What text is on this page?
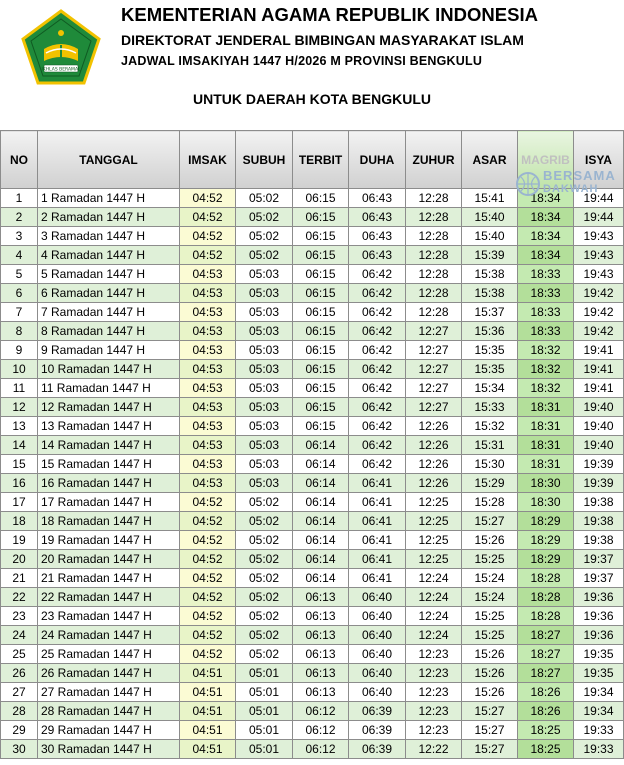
IKHLAS BERAMAL
KEMENTERIAN AGAMA REPUBLIK INDONESIA
DIREKTORAT JENDERAL BIMBINGAN MASYARAKAT ISLAM
JADWAL IMSAKIYAH 1447 H/2026 M PROVINSI BENGKULU
UNTUK DAERAH KOTA BENGKULU
NO	TANGGAL	IMSAK	SUBUH	TERBIT	DUHA	ZUHUR	ASAR	MAGRIB	ISYA
1	1 Ramadan 1447 H	04:52	05:02	06:15	06:43	12:28	15:41	18:34	19:44
2	2 Ramadan 1447 H	04:52	05:02	06:15	06:43	12:28	15:40	18:34	19:44
3	3 Ramadan 1447 H	04:52	05:02	06:15	06:43	12:28	15:40	18:34	19:43
4	4 Ramadan 1447 H	04:52	05:02	06:15	06:43	12:28	15:39	18:34	19:43
5	5 Ramadan 1447 H	04:53	05:03	06:15	06:42	12:28	15:38	18:33	19:43
6	6 Ramadan 1447 H	04:53	05:03	06:15	06:42	12:28	15:38	18:33	19:42
7	7 Ramadan 1447 H	04:53	05:03	06:15	06:42	12:28	15:37	18:33	19:42
8	8 Ramadan 1447 H	04:53	05:03	06:15	06:42	12:27	15:36	18:33	19:42
9	9 Ramadan 1447 H	04:53	05:03	06:15	06:42	12:27	15:35	18:32	19:41
10	10 Ramadan 1447 H	04:53	05:03	06:15	06:42	12:27	15:35	18:32	19:41
11	11 Ramadan 1447 H	04:53	05:03	06:15	06:42	12:27	15:34	18:32	19:41
12	12 Ramadan 1447 H	04:53	05:03	06:15	06:42	12:27	15:33	18:31	19:40
13	13 Ramadan 1447 H	04:53	05:03	06:15	06:42	12:26	15:32	18:31	19:40
14	14 Ramadan 1447 H	04:53	05:03	06:14	06:42	12:26	15:31	18:31	19:40
15	15 Ramadan 1447 H	04:53	05:03	06:14	06:42	12:26	15:30	18:31	19:39
16	16 Ramadan 1447 H	04:53	05:03	06:14	06:41	12:26	15:29	18:30	19:39
17	17 Ramadan 1447 H	04:52	05:02	06:14	06:41	12:25	15:28	18:30	19:38
18	18 Ramadan 1447 H	04:52	05:02	06:14	06:41	12:25	15:27	18:29	19:38
19	19 Ramadan 1447 H	04:52	05:02	06:14	06:41	12:25	15:26	18:29	19:38
20	20 Ramadan 1447 H	04:52	05:02	06:14	06:41	12:25	15:25	18:29	19:37
21	21 Ramadan 1447 H	04:52	05:02	06:14	06:41	12:24	15:24	18:28	19:37
22	22 Ramadan 1447 H	04:52	05:02	06:13	06:40	12:24	15:24	18:28	19:36
23	23 Ramadan 1447 H	04:52	05:02	06:13	06:40	12:24	15:25	18:28	19:36
24	24 Ramadan 1447 H	04:52	05:02	06:13	06:40	12:24	15:25	18:27	19:36
25	25 Ramadan 1447 H	04:52	05:02	06:13	06:40	12:23	15:26	18:27	19:35
26	26 Ramadan 1447 H	04:51	05:01	06:13	06:40	12:23	15:26	18:27	19:35
27	27 Ramadan 1447 H	04:51	05:01	06:13	06:40	12:23	15:26	18:26	19:34
28	28 Ramadan 1447 H	04:51	05:01	06:12	06:39	12:23	15:27	18:26	19:34
29	29 Ramadan 1447 H	04:51	05:01	06:12	06:39	12:23	15:27	18:25	19:33
30	30 Ramadan 1447 H	04:51	05:01	06:12	06:39	12:22	15:27	18:25	19:33
BERSAMA
DAKWAH
